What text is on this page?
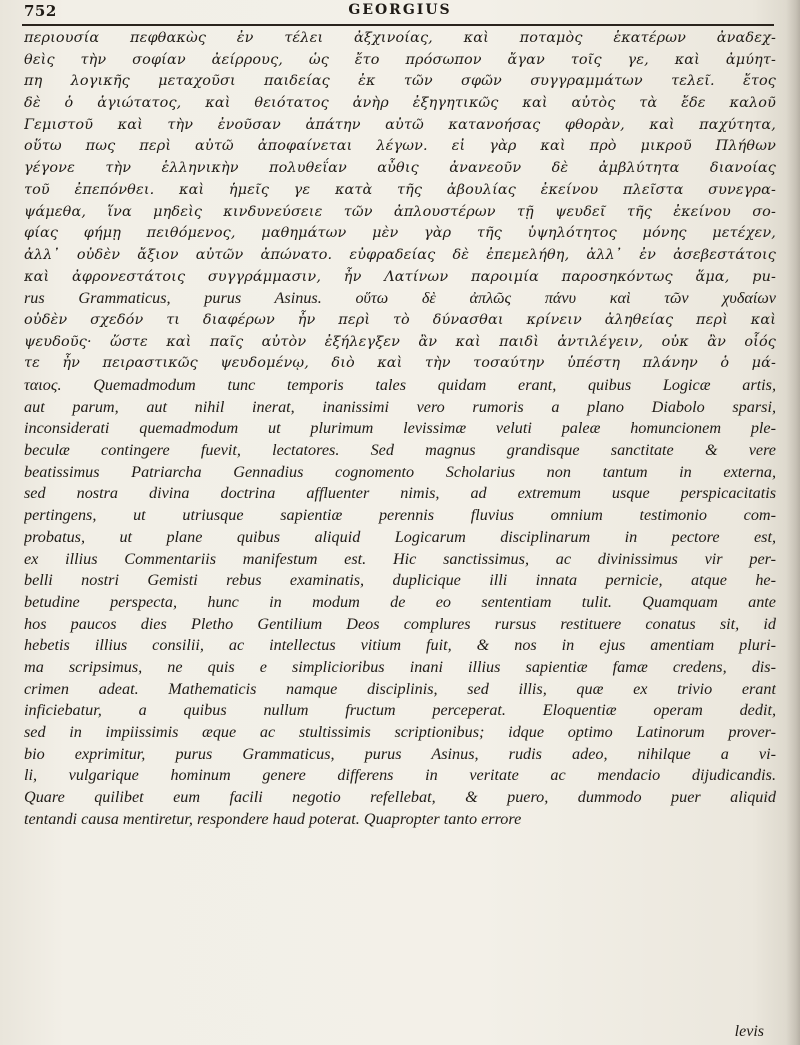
752	GEORGIUS
περιουσία πεφθακὼς ἐν τέλει ἀξχινοίας, καὶ ποταμὸς ἑκατέρων ἀναδεχ-
θεὶς τὴν σοφίαν ἀείρρους, ὡς ἔτο πρόσωπον ἄγαν τοῖς γε, καὶ ἀμύητ-
πη λογικῆς μεταχοῦσι παιδείας ἐκ τῶν σφῶν συγγραμμάτων τελεῖ. ἔτος
δὲ ὁ ἁγιώτατος, καὶ θειότατος ἀνὴρ ἐξηγητικῶς καὶ αὐτὸς τὰ ἔδε καλοῦ
Γεμιστοῦ καὶ τὴν ἐνοῦσαν ἀπάτην αὐτῶ κατανοήσας φθορὰν, καὶ παχύτητα,
οὕτω πως περὶ αὐτῶ ἀποφαίνεται λέγων. εἰ γὰρ καὶ πρὸ μικροῦ Πλήθων
γέγονε τὴν ἑλληνικὴν πολυθεΐαν αὖθις ἀνανεοῦν δὲ ἀμβλύτητα διανοίας
τοῦ ἐπεπόνθει. καὶ ἡμεῖς γε κατὰ τῆς ἀβουλίας ἐκείνου πλεῖστα συνεγρα-
ψάμεθα, ἵνα μηδεὶς κινδυνεύσειε τῶν ἀπλουστέρων τῇ ψευδεῖ τῆς ἐκείνου σο-
φίας φήμῃ πειθόμενος, μαθημάτων μὲν γὰρ τῆς ὑψηλότητος μόνης μετέχεν,
ἀλλ᾽ οὐδὲν ἄξιον αὐτῶν ἀπώνατο. εὐφραδείας δὲ ἐπεμελήθη, ἀλλ᾽ ἐν ἀσεβεστάτοις
καὶ ἀφρονεστάτοις συγγράμμασιν, ἦν Λατίνων παροιμία παροσηκόντως ἅμα, pu-
rus Grammaticus, purus Asinus. οὕτω δὲ ἀπλῶς πάνυ καὶ τῶν χυδαίων
οὐδὲν σχεδόν τι διαφέρων ἦν περὶ τὸ δύνασθαι κρίνειν ἀληθείας περὶ καὶ
ψευδοῦς· ὥστε καὶ παῖς αὐτὸν ἐξήλεγξεν ἂν καὶ παιδὶ ἀντιλέγειν, οὐκ ἂν οἷός
τε ἦν πειραστικῶς ψευδομένῳ, διὸ καὶ τὴν τοσαύτην ὑπέστη πλάνην ὁ μά-
ταιος. Quemadmodum tunc temporis tales quidam erant, quibus Logicæ artis,
aut parum, aut nihil inerat, inanissimi vero rumoris a plano Diabolo sparsi,
inconsiderati quemadmodum ut plurimum levissimæ veluti paleæ homuncionem ple-
beculæ contingere fuevit, lectatores. Sed magnus grandisque sanctitate & vere
beatissimus Patriarcha Gennadius cognomento Scholarius non tantum in externa,
sed nostra divina doctrina affluenter nimis, ad extremum usque perspicacitatis
pertingens, ut utriusque sapientiæ perennis fluvius omnium testimonio com-
probatus, ut plane quibus aliquid Logicarum disciplinarum in pectore est,
ex illius Commentariis manifestum est. Hic sanctissimus, ac divinissimus vir per-
belli nostri Gemisti rebus examinatis, duplicique illi innata pernicie, atque he-
betudine perspecta, hunc in modum de eo sententiam tulit. Quamquam ante
hos paucos dies Pletho Gentilium Deos complures rursus restituere conatus sit, id
hebetis illius consilii, ac intellectus vitium fuit, & nos in ejus amentiam pluri-
ma scripsimus, ne quis e simplicioribus inani illius sapientiæ famæ credens, dis-
crimen adeat. Mathematicis namque disciplinis, sed illis, quæ ex trivio erant
inficiebatur, a quibus nullum fructum perceperat. Eloquentiæ operam dedit,
sed in impiissimis æque ac stultissimis scriptionibus; idque optimo Latinorum prover-
bio exprimitur, purus Grammaticus, purus Asinus, rudis adeo, nihilque a vi-
li, vulgarique hominum genere differens in veritate ac mendacio dijudicandis.
Quare quilibet eum facili negotio refellebat, & puero, dummodo puer aliquid
tentandi causa mentiretur, respondere haud poterat. Quapropter tanto errore
levis
